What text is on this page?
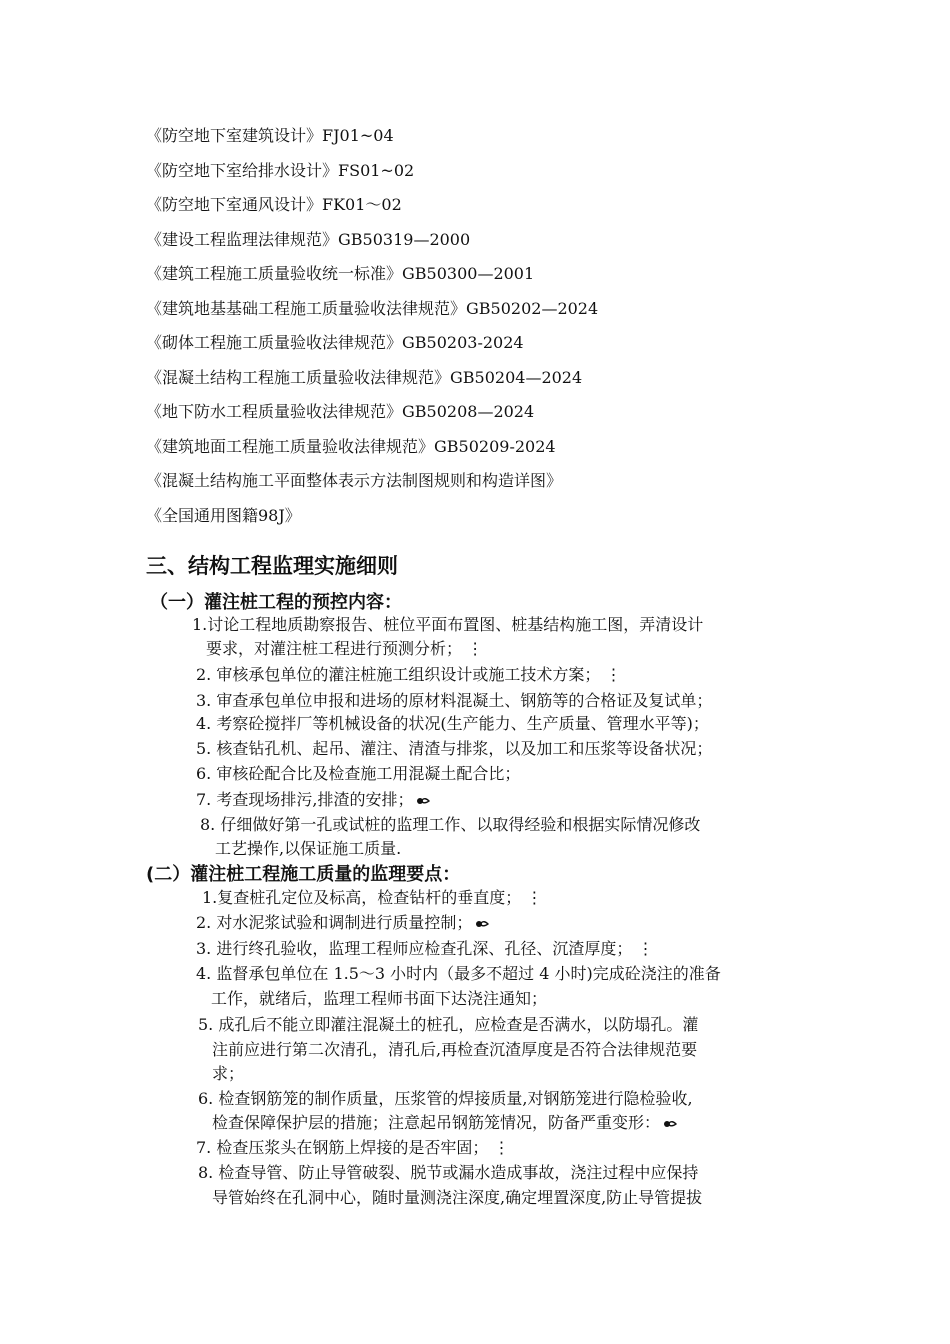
《防空地下室建筑设计》FJ01~04
《防空地下室给排水设计》FS01~02
《防空地下室通风设计》FK01～02
《建设工程监理法律规范》GB50319—2000
《建筑工程施工质量验收统一标准》GB50300—2001
《建筑地基基础工程施工质量验收法律规范》GB50202—2024
《砌体工程施工质量验收法律规范》GB50203-2024
《混凝土结构工程施工质量验收法律规范》GB50204—2024
《地下防水工程质量验收法律规范》GB50208—2024
《建筑地面工程施工质量验收法律规范》GB50209-2024
《混凝土结构施工平面整体表示方法制图规则和构造详图》
《全国通用图籍98J》
三、结构工程监理实施细则
（一）灌注桩工程的预控内容：
1.讨论工程地质勘察报告、桩位平面布置图、桩基结构施工图，弄清设计
要求，对灌注桩工程进行预测分析； ⋮
2. 审核承包单位的灌注桩施工组织设计或施工技术方案； ⋮
3. 审查承包单位申报和进场的原材料混凝土、钢筋等的合格证及复试单；
4. 考察砼搅拌厂等机械设备的状况(生产能力、生产质量、管理水平等)；
5. 核查钻孔机、起吊、灌注、清渣与排浆，以及加工和压浆等设备状况；
6. 审核砼配合比及检查施工用混凝土配合比；
7. 考查现场排污,排渣的安排；
8. 仔细做好第一孔或试桩的监理工作、以取得经验和根据实际情况修改
工艺操作,以保证施工质量.
(二）灌注桩工程施工质量的监理要点：
1.复查桩孔定位及标高，检查钻杆的垂直度； ⋮
2. 对水泥浆试验和调制进行质量控制；
3. 进行终孔验收，监理工程师应检查孔深、孔径、沉渣厚度； ⋮
4. 监督承包单位在 1.5～3 小时内（最多不超过 4 小时)完成砼浇注的准备
工作，就绪后，监理工程师书面下达浇注通知；
5. 成孔后不能立即灌注混凝土的桩孔，应检查是否满水，以防塌孔。灌
注前应进行第二次清孔，清孔后,再检查沉渣厚度是否符合法律规范要
求；
6. 检查钢筋笼的制作质量，压浆管的焊接质量,对钢筋笼进行隐检验收,
检查保障保护层的措施；注意起吊钢筋笼情况，防备严重变形：
7. 检查压浆头在钢筋上焊接的是否牢固； ⋮
8. 检查导管、防止导管破裂、脱节或漏水造成事故，浇注过程中应保持
导管始终在孔洞中心，随时量测浇注深度,确定埋置深度,防止导管提拔
